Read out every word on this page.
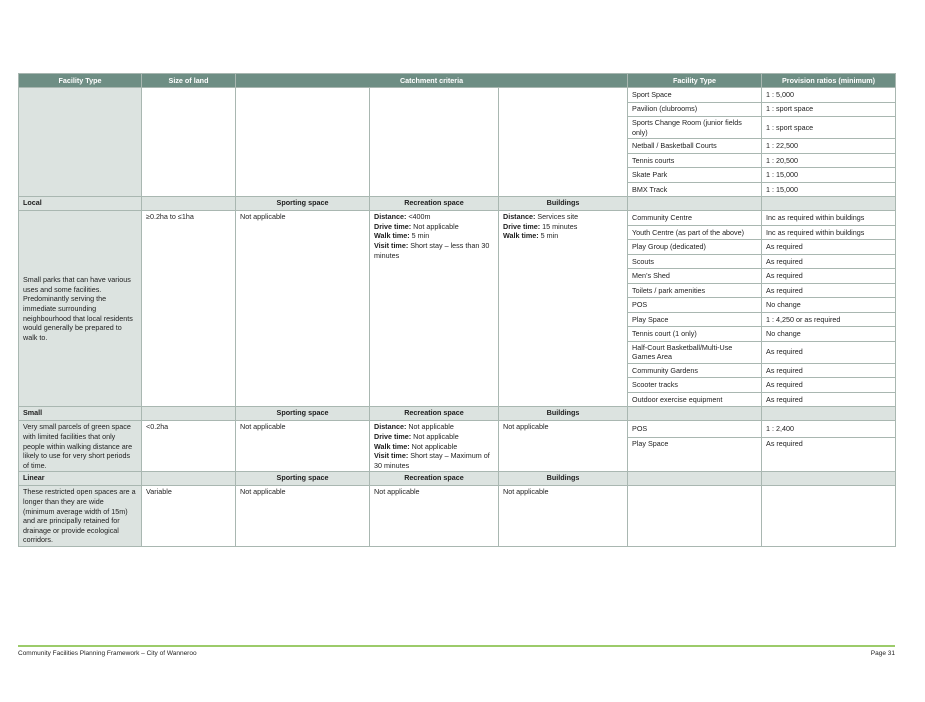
Facility Type	Size of land	Catchment criteria			Facility Type	Provision ratios (minimum)
					Sport Space	1 : 5,000
					Pavilion (clubrooms)	1 : sport space
					Sports Change Room (junior fields only)	1 : sport space
					Netball / Basketball Courts	1 : 22,500
					Tennis courts	1 : 20,500
					Skate Park	1 : 15,000
					BMX Track	1 : 15,000
Local		Sporting space	Recreation space	Buildings		
Small parks that can have various uses and some facilities. Predominantly serving the immediate surrounding neighbourhood that local residents would generally be prepared to walk to.	≥0.2ha to ≤1ha	Not applicable	Distance: <400m
Drive time: Not applicable
Walk time: 5 min
Visit time: Short stay – less than 30 minutes	Distance: Services site
Drive time: 15 minutes
Walk time: 5 min	Community Centre	Inc as required within buildings
					Youth Centre (as part of the above)	Inc as required within buildings
					Play Group (dedicated)	As required
					Scouts	As required
					Men’s Shed	As required
					Toilets / park amenities	As required
					POS	No change
					Play Space	1 : 4,250 or as required
					Tennis court (1 only)	No change
					Half-Court Basketball/Multi-Use Games Area	As required
					Community Gardens	As required
					Scooter tracks	As required
					Outdoor exercise equipment	As required
Small		Sporting space	Recreation space	Buildings		
Very small parcels of green space with limited facilities that only people within walking distance are likely to use for very short periods of time.	<0.2ha	Not applicable	Distance: Not applicable
Drive time: Not applicable
Walk time: Not applicable
Visit time: Short stay – Maximum of 30 minutes	Not applicable	POS	1 : 2,400
					Play Space	As required
Linear		Sporting space	Recreation space	Buildings		
These restricted open spaces are a longer than they are wide (minimum average width of 15m) and are principally retained for drainage or provide ecological corridors.	Variable	Not applicable	Not applicable	Not applicable		
Community Facilities Planning Framework – City of Wanneroo	Page 31
